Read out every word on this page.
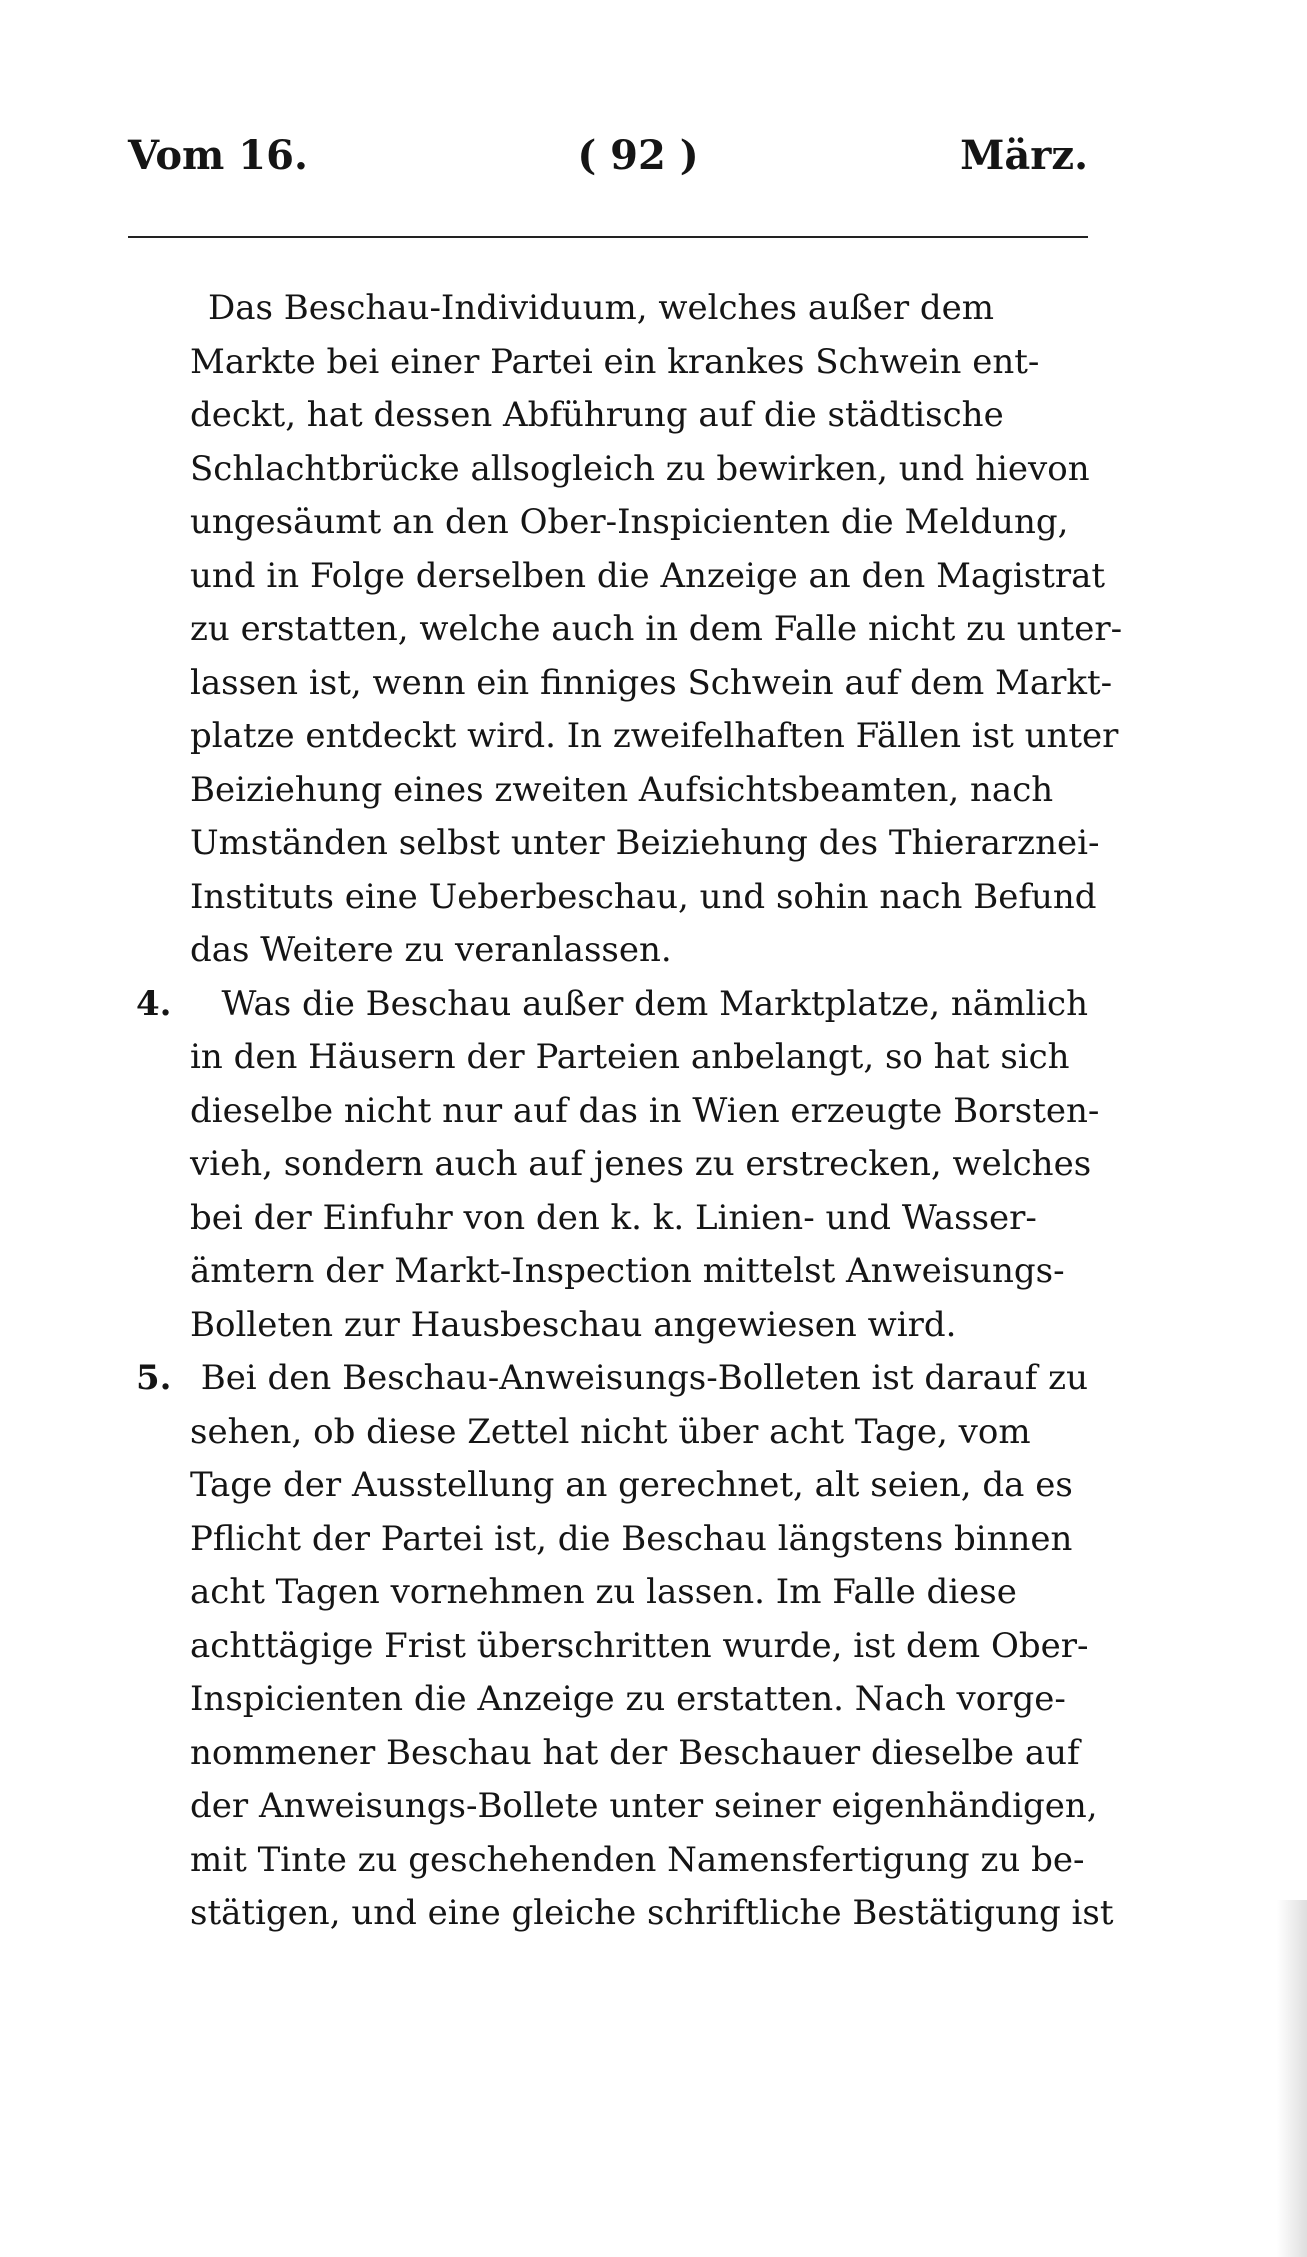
Vom 16.	( 92 )	März.
Das Beschau-Individuum, welches außer dem
Markte bei einer Partei ein krankes Schwein ent-
deckt, hat dessen Abführung auf die städtische
Schlachtbrücke allsogleich zu bewirken, und hievon
ungesäumt an den Ober-Inspicienten die Meldung,
und in Folge derselben die Anzeige an den Magistrat
zu erstatten, welche auch in dem Falle nicht zu unter-
lassen ist, wenn ein finniges Schwein auf dem Markt-
platze entdeckt wird. In zweifelhaften Fällen ist unter
Beiziehung eines zweiten Aufsichtsbeamten, nach
Umständen selbst unter Beiziehung des Thierarznei-
Instituts eine Ueberbeschau, und sohin nach Befund
das Weitere zu veranlassen.
4.	Was die Beschau außer dem Marktplatze, nämlich
in den Häusern der Parteien anbelangt, so hat sich
dieselbe nicht nur auf das in Wien erzeugte Borsten-
vieh, sondern auch auf jenes zu erstrecken, welches
bei der Einfuhr von den k. k. Linien- und Wasser-
ämtern der Markt-Inspection mittelst Anweisungs-
Bolleten zur Hausbeschau angewiesen wird.
5. Bei den Beschau-Anweisungs-Bolleten ist darauf zu
sehen, ob diese Zettel nicht über acht Tage, vom
Tage der Ausstellung an gerechnet, alt seien, da es
Pflicht der Partei ist, die Beschau längstens binnen
acht Tagen vornehmen zu lassen. Im Falle diese
achttägige Frist überschritten wurde, ist dem Ober-
Inspicienten die Anzeige zu erstatten. Nach vorge-
nommener Beschau hat der Beschauer dieselbe auf
der Anweisungs-Bollete unter seiner eigenhändigen,
mit Tinte zu geschehenden Namensfertigung zu be-
stätigen, und eine gleiche schriftliche Bestätigung ist
